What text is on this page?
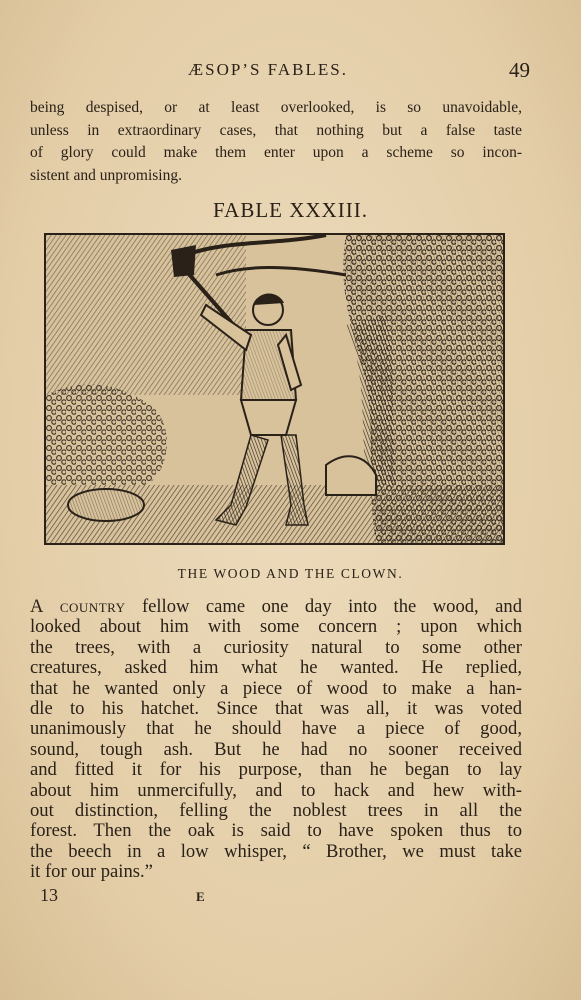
ÆSOP’S FABLES.	49
being despised, or at least overlooked, is so unavoidable,
unless in extraordinary cases, that nothing but a false taste
of glory could make them enter upon a scheme so incon-
sistent and unpromising.
FABLE XXXIII.
THE WOOD AND THE CLOWN.
A country fellow came one day into the wood, and
looked about him with some concern ; upon which
the trees, with a curiosity natural to some other
creatures, asked him what he wanted. He replied,
that he wanted only a piece of wood to make a han-
dle to his hatchet. Since that was all, it was voted
unanimously that he should have a piece of good,
sound, tough ash. But he had no sooner received
and fitted it for his purpose, than he began to lay
about him unmercifully, and to hack and hew with-
out distinction, felling the noblest trees in all the
forest. Then the oak is said to have spoken thus to
the beech in a low whisper, “ Brother, we must take
it for our pains.”
13	E
